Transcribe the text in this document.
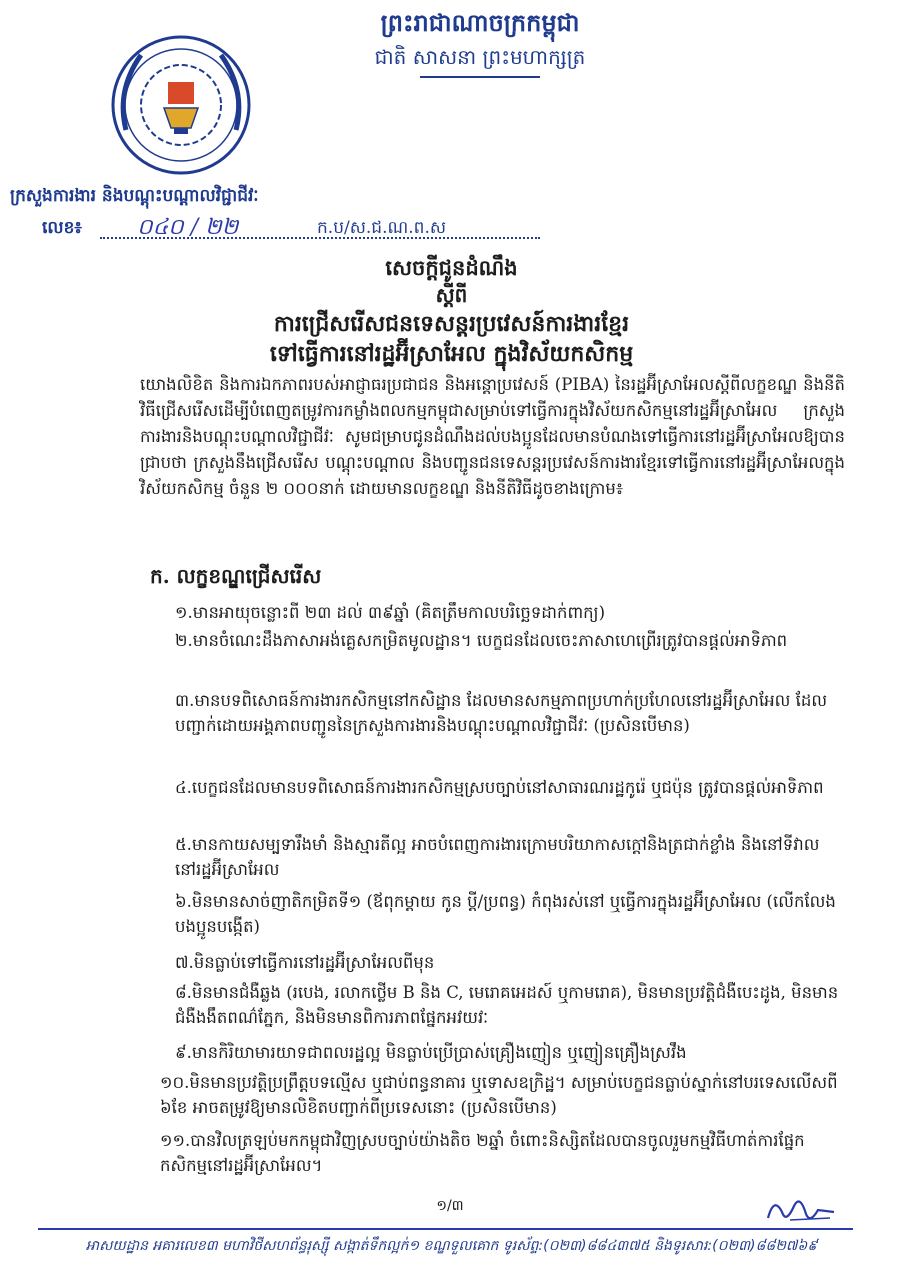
ព្រះរាជាណាចក្រកម្ពុជា
ជាតិ សាសនា ព្រះមហាក្សត្រ
ក្រសួងការងារ និងបណ្តុះបណ្តាលវិជ្ជាជីវៈ
លេខ៖	០៤០ / ២២	ក.ប/ស.ជ.ណ.ព.ស
សេចក្តីជូនដំណឹង
ស្តីពី
ការជ្រើសរើសជនទេសន្តរប្រវេសន៍ការងារខ្មែរ
ទៅធ្វើការនៅរដ្ឋអ៊ីស្រាអែល ក្នុងវិស័យកសិកម្ម
យោងលិខិត និងការឯកភាពរបស់អាជ្ញាធរប្រជាជន និងអន្តោប្រវេសន៍ (PIBA) នៃរដ្ឋអ៊ីស្រាអែលស្តីពីលក្ខខណ្ឌ និងនីតិវិធីជ្រើសរើសដើម្បីបំពេញតម្រូវការកម្លាំងពលកម្មកម្ពុជាសម្រាប់ទៅធ្វើការក្នុងវិស័យកសិកម្មនៅរដ្ឋអ៊ីស្រាអែល ក្រសួងការងារនិងបណ្តុះបណ្តាលវិជ្ជាជីវៈ សូមជម្រាបជូនដំណឹងដល់បងប្អូនដែលមានបំណងទៅធ្វើការនៅរដ្ឋអ៊ីស្រាអែលឱ្យបានជ្រាបថា ក្រសួងនឹងជ្រើសរើស បណ្តុះបណ្តាល និងបញ្ជូនជនទេសន្តរប្រវេសន៍ការងារខ្មែរទៅធ្វើការនៅរដ្ឋអ៊ីស្រាអែលក្នុងវិស័យកសិកម្ម ចំនួន ២ ០០០នាក់ ដោយមានលក្ខខណ្ឌ និងនីតិវិធីដូចខាងក្រោម៖
ក. លក្ខខណ្ឌជ្រើសរើស
១.មានអាយុចន្លោះពី ២៣ ដល់ ៣៩ឆ្នាំ (គិតត្រឹមកាលបរិច្ឆេទដាក់ពាក្យ)
២.មានចំណេះដឹងភាសាអង់គ្លេសកម្រិតមូលដ្ឋាន។ បេក្ខជនដែលចេះភាសាហេព្រើរត្រូវបានផ្តល់អាទិភាព
៣.មានបទពិសោធន៍ការងារកសិកម្មនៅកសិដ្ឋាន ដែលមានសកម្មភាពប្រហាក់ប្រហែលនៅរដ្ឋអ៊ីស្រាអែល ដែលបញ្ជាក់ដោយអង្គភាពបញ្ជូននៃក្រសួងការងារនិងបណ្តុះបណ្តាលវិជ្ជាជីវៈ (ប្រសិនបើមាន)
៤.បេក្ខជនដែលមានបទពិសោធន៍ការងារកសិកម្មស្របច្បាប់នៅសាធារណរដ្ឋកូរ៉េ ឬជប៉ុន ត្រូវបានផ្តល់អាទិភាព
៥.មានកាយសម្បទារឹងមាំ និងស្មារតីល្អ អាចបំពេញការងារក្រោមបរិយាកាសក្តៅនិងត្រជាក់ខ្លាំង និងនៅទីវាល នៅរដ្ឋអ៊ីស្រាអែល
៦.មិនមានសាច់ញាតិកម្រិតទី១ (ឪពុកម្តាយ កូន ប្តី/ប្រពន្ធ) កំពុងរស់នៅ ឬធ្វើការក្នុងរដ្ឋអ៊ីស្រាអែល (លើកលែង បងប្អូនបង្កើត)
៧.មិនធ្លាប់ទៅធ្វើការនៅរដ្ឋអ៊ីស្រាអែលពីមុន
៨.មិនមានជំងឺឆ្លង (របេង, រលាកថ្លើម B និង C, មេរោគអេដស៍ ឬកាមរោគ), មិនមានប្រវត្តិជំងឺបេះដូង, មិនមានជំងឺងងឹតពណ៌ភ្នែក, និងមិនមានពិការភាពផ្នែកអវយវៈ
៩.មានកិរិយាមារយាទជាពលរដ្ឋល្អ មិនធ្លាប់ប្រើប្រាស់គ្រឿងញៀន ឬញៀនគ្រឿងស្រវឹង
១០.មិនមានប្រវត្តិប្រព្រឹត្តបទល្មើស ឬជាប់ពន្ធនាគារ ឬទោសឧក្រិដ្ឋ។ សម្រាប់បេក្ខជនធ្លាប់ស្នាក់នៅបរទេសលើសពី ៦ខែ អាចតម្រូវឱ្យមានលិខិតបញ្ជាក់ពីប្រទេសនោះ (ប្រសិនបើមាន)
១១.បានវិលត្រឡប់មកកម្ពុជាវិញស្របច្បាប់យ៉ាងតិច ២ឆ្នាំ ចំពោះនិស្សិតដែលបានចូលរួមកម្មវិធីហាត់ការផ្នែកកសិកម្មនៅរដ្ឋអ៊ីស្រាអែល។
១/៣
អាសយដ្ឋាន អគារលេខ៣ មហាវិថីសហព័ន្ធរុស្ស៊ី សង្កាត់ទឹកល្អក់១ ខណ្ឌទួលគោក ទូរស័ព្ទ:(០២៣)៨៨៤៣៧៥ និងទូរសារ:(០២៣)៨៨២៧៦៩
